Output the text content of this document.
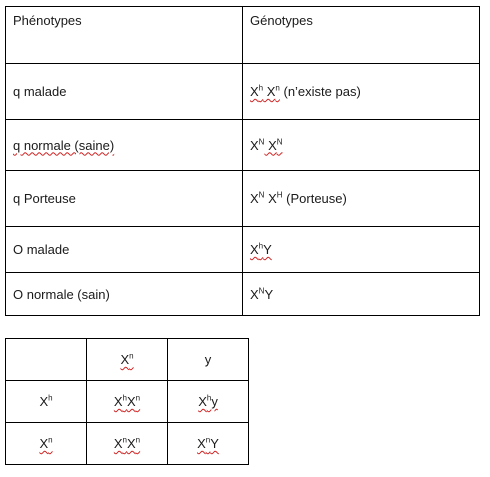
Phénotypes	Génotypes
q malade	$X^h$ $X^n$ (n’existe pas)
q normale (saine)	$X^N$ $X^N$
q Porteuse	$X^N$ $X^H$ (Porteuse)
O malade	$X^hY$
O normale (sain)	$X^NY$
	$X^n$	y
$X^h$	$X^hX^n$	$X^hy$
$X^n$	$X^nX^n$	$X^nY$
